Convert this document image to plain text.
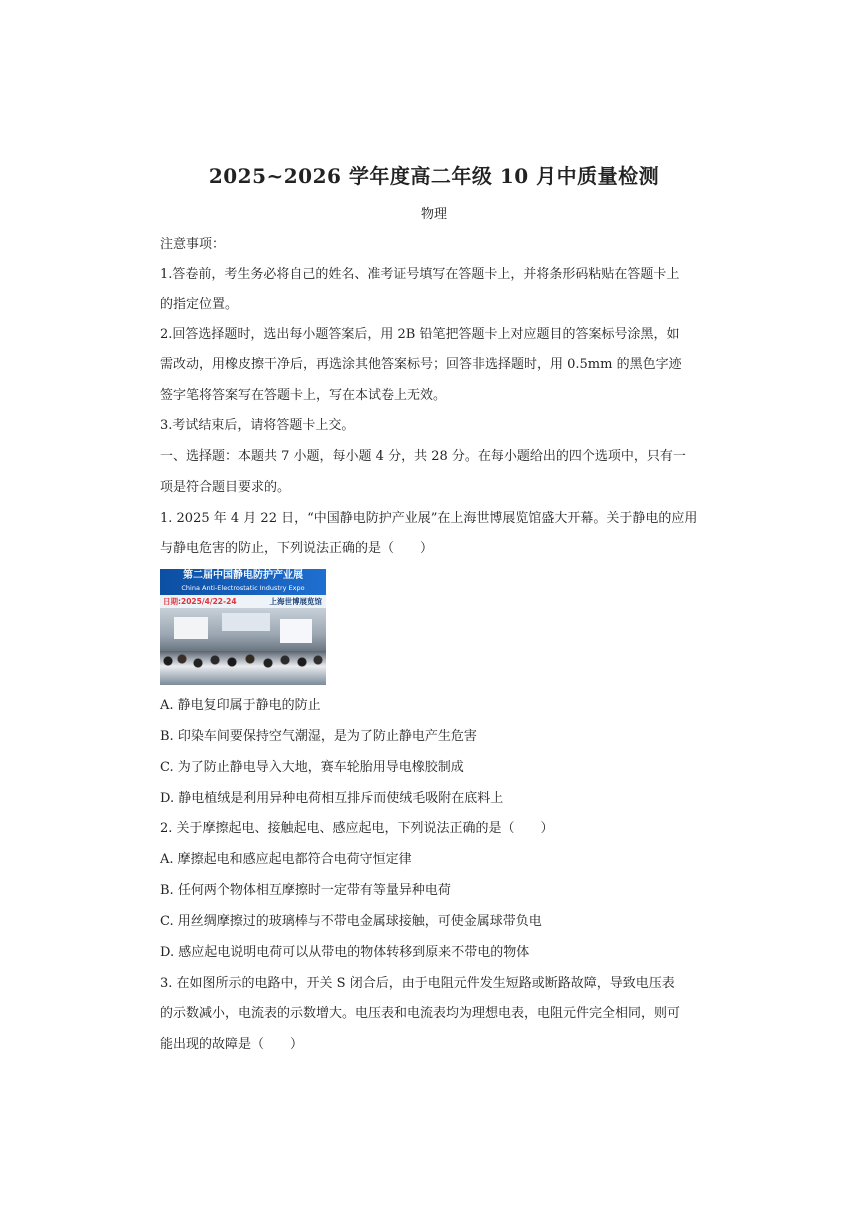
2025~2026 学年度高二年级 10 月中质量检测
物理
注意事项：
1.答卷前，考生务必将自己的姓名、准考证号填写在答题卡上，并将条形码粘贴在答题卡上
的指定位置。
2.回答选择题时，选出每小题答案后，用 2B 铅笔把答题卡上对应题目的答案标号涂黑，如
需改动，用橡皮擦干净后，再选涂其他答案标号；回答非选择题时，用 0.5mm 的黑色字迹
签字笔将答案写在答题卡上，写在本试卷上无效。
3.考试结束后，请将答题卡上交。
一、选择题：本题共 7 小题，每小题 4 分，共 28 分。在每小题给出的四个选项中，只有一
项是符合题目要求的。
1. 2025 年 4 月 22 日，“中国静电防护产业展”在上海世博展览馆盛大开幕。关于静电的应用
与静电危害的防止，下列说法正确的是（　　）
第二届中国静电防护产业展
China Anti-Electrostatic Industry Expo
日期:2025/4/22-24	上海世博展览馆
A. 静电复印属于静电的防止
B. 印染车间要保持空气潮湿，是为了防止静电产生危害
C. 为了防止静电导入大地，赛车轮胎用导电橡胶制成
D. 静电植绒是利用异种电荷相互排斥而使绒毛吸附在底料上
2. 关于摩擦起电、接触起电、感应起电，下列说法正确的是（　　）
A. 摩擦起电和感应起电都符合电荷守恒定律
B. 任何两个物体相互摩擦时一定带有等量异种电荷
C. 用丝绸摩擦过的玻璃棒与不带电金属球接触，可使金属球带负电
D. 感应起电说明电荷可以从带电的物体转移到原来不带电的物体
3. 在如图所示的电路中，开关 S 闭合后，由于电阻元件发生短路或断路故障，导致电压表
的示数减小，电流表的示数增大。电压表和电流表均为理想电表，电阻元件完全相同，则可
能出现的故障是（　　）
